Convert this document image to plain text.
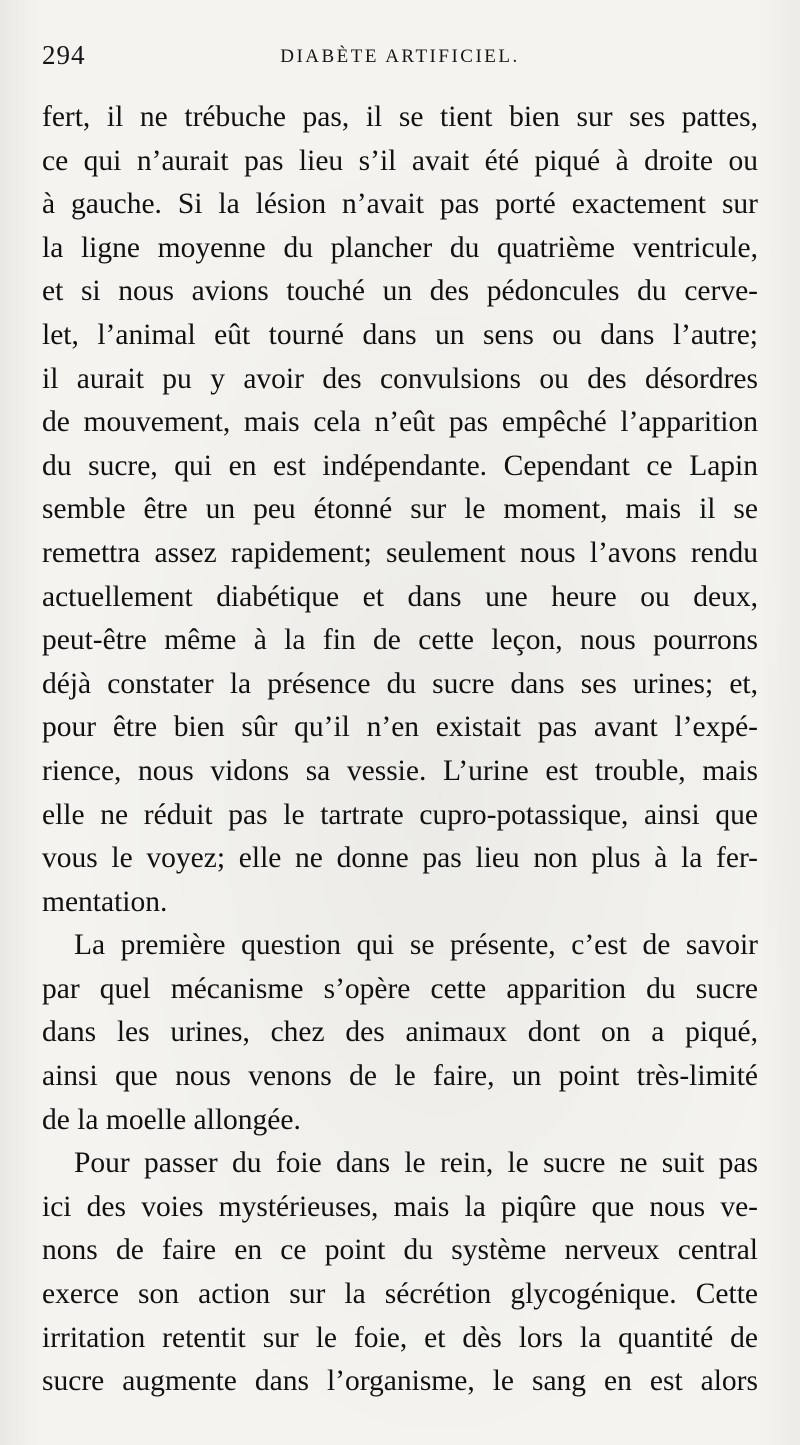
294	DIABÈTE ARTIFICIEL.
fert, il ne trébuche pas, il se tient bien sur ses pattes,
ce qui n’aurait pas lieu s’il avait été piqué à droite ou
à gauche. Si la lésion n’avait pas porté exactement sur
la ligne moyenne du plancher du quatrième ventricule,
et si nous avions touché un des pédoncules du cerve-
let, l’animal eût tourné dans un sens ou dans l’autre;
il aurait pu y avoir des convulsions ou des désordres
de mouvement, mais cela n’eût pas empêché l’apparition
du sucre, qui en est indépendante. Cependant ce Lapin
semble être un peu étonné sur le moment, mais il se
remettra assez rapidement; seulement nous l’avons rendu
actuellement diabétique et dans une heure ou deux,
peut-être même à la fin de cette leçon, nous pourrons
déjà constater la présence du sucre dans ses urines; et,
pour être bien sûr qu’il n’en existait pas avant l’expé-
rience, nous vidons sa vessie. L’urine est trouble, mais
elle ne réduit pas le tartrate cupro-potassique, ainsi que
vous le voyez; elle ne donne pas lieu non plus à la fer-
mentation.
La première question qui se présente, c’est de savoir
par quel mécanisme s’opère cette apparition du sucre
dans les urines, chez des animaux dont on a piqué,
ainsi que nous venons de le faire, un point très-limité
de la moelle allongée.
Pour passer du foie dans le rein, le sucre ne suit pas
ici des voies mystérieuses, mais la piqûre que nous ve-
nons de faire en ce point du système nerveux central
exerce son action sur la sécrétion glycogénique. Cette
irritation retentit sur le foie, et dès lors la quantité de
sucre augmente dans l’organisme, le sang en est alors
